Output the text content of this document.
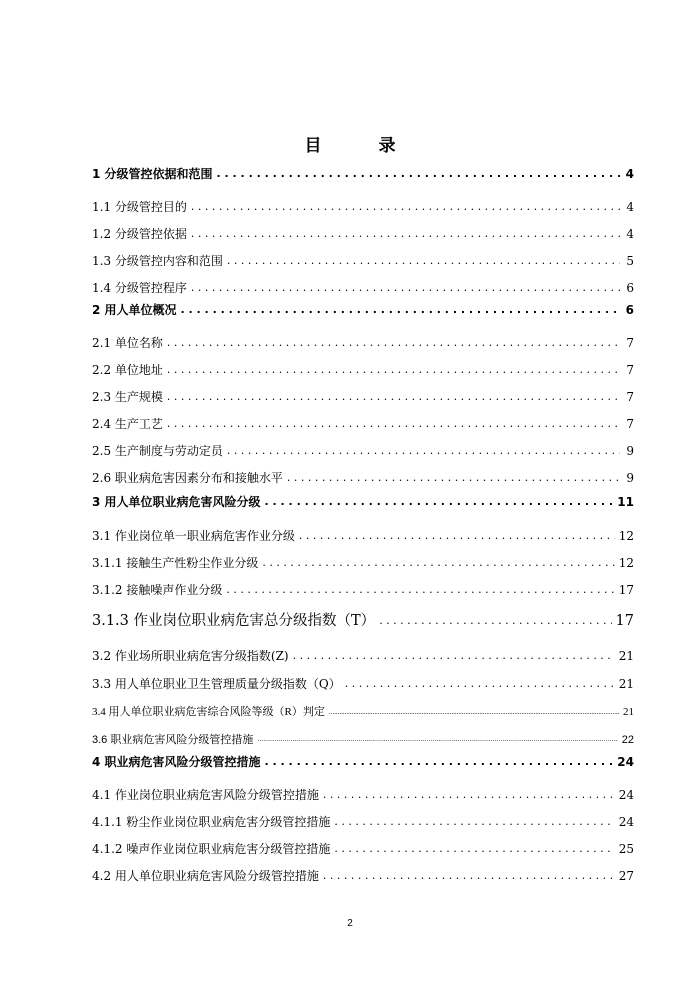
目　录
1 分级管控依据和范围 . . .	4
1.1 分级管控目的 . . .	4
1.2 分级管控依据 . . .	4
1.3 分级管控内容和范围 . . .	5
1.4 分级管控程序 . . .	6
2 用人单位概况 . . .	6
2.1 单位名称 . . .	7
2.2 单位地址 . . .	7
2.3 生产规模 . . .	7
2.4 生产工艺 . . .	7
2.5 生产制度与劳动定员 . . .	9
2.6 职业病危害因素分布和接触水平 . . .	9
3 用人单位职业病危害风险分级 . . .	11
3.1 作业岗位单一职业病危害作业分级 . . .	12
3.1.1 接触生产性粉尘作业分级 . . .	12
3.1.2 接触噪声作业分级 . . .	17
3.1.3 作业岗位职业病危害总分级指数（T） . . .	17
3.2 作业场所职业病危害分级指数(Z) . . .	21
3.3 用人单位职业卫生管理质量分级指数（Q） . . .	21
3.4 用人单位职业病危害综合风险等级（R）判定 .....	21
3.6 职业病危害风险分级管控措施 .....	22
4 职业病危害风险分级管控措施 . . .	24
4.1 作业岗位职业病危害风险分级管控措施 . . .	24
4.1.1 粉尘作业岗位职业病危害分级管控措施 . . .	24
4.1.2 噪声作业岗位职业病危害分级管控措施 . . .	25
4.2 用人单位职业病危害风险分级管控措施 . . .	27
2
